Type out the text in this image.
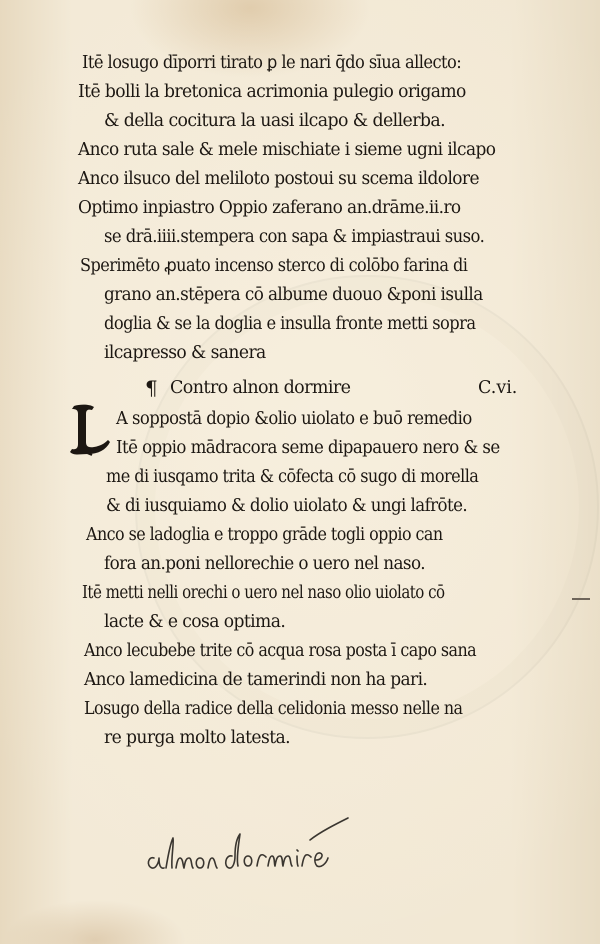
Itē losugo dīporri tirato ꝑ le nari q̄do sīua allecto:
Itē bolli la bretonica acrimonia pulegio origamo
& della cocitura la uasi ilcapo & dellerba.
Anco ruta sale & mele mischiate i sieme ugni ilcapo
Anco ilsuco del meliloto postoui su scema ildolore
Optimo inpiastro Oppio zaferano an.drāme.ii.ro
se drā.iiii.stempera con sapa & impiastraui suso.
Sperimēto ꝓuato incenso sterco di colōbo farina di
grano an.stēpera cō albume duouo &poni isulla
doglia & se la doglia e insulla fronte metti sopra
ilcapresso & sanera
A soppostā dopio &olio uiolato e buō remedio
Itē oppio mādracora seme dipapauero nero & se
me di iusqamo trita & cōfecta cō sugo di morella
& di iusquiamo & dolio uiolato & ungi lafrōte.
Anco se ladoglia e troppo grāde togli oppio can
fora an.poni nellorechie o uero nel naso.
Itē metti nelli orechi o uero nel naso olio uiolato cō
lacte & e cosa optima.
Anco lecubebe trite cō acqua rosa posta ī capo sana
Anco lamedicina de tamerindi non ha pari.
Losugo della radice della celidonia messo nelle na
re purga molto latesta.
¶ Contro alnon dormire	C.vi.
